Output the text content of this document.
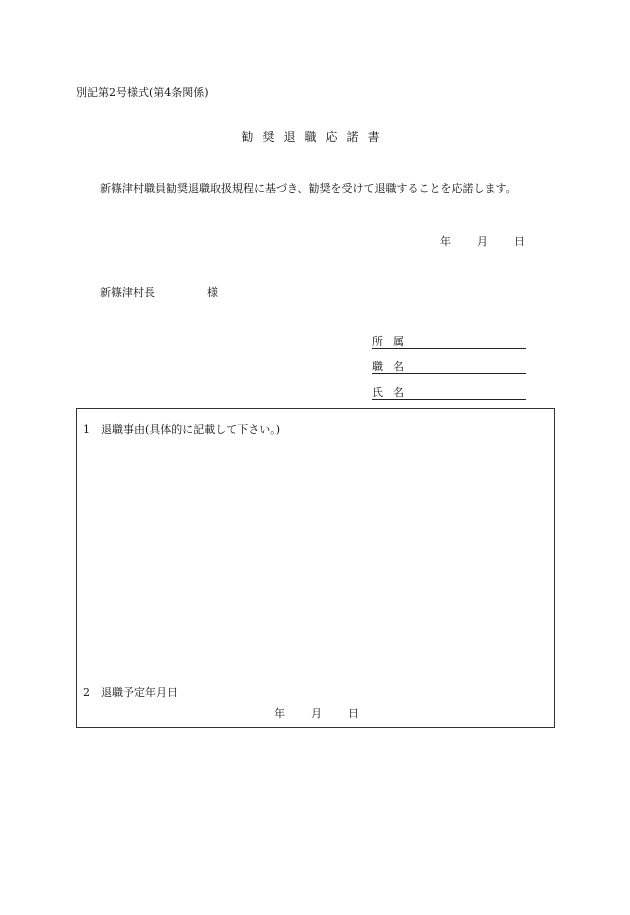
別記第2号様式(第4条関係)
勧奨退職応諾書
新篠津村職員勧奨退職取扱規程に基づき、勧奨を受けて退職することを応諾します。
年 月 日
新篠津村長	様
所属
職名
氏名
1 退職事由(具体的に記載して下さい。)
2 退職予定年月日
年 月 日
